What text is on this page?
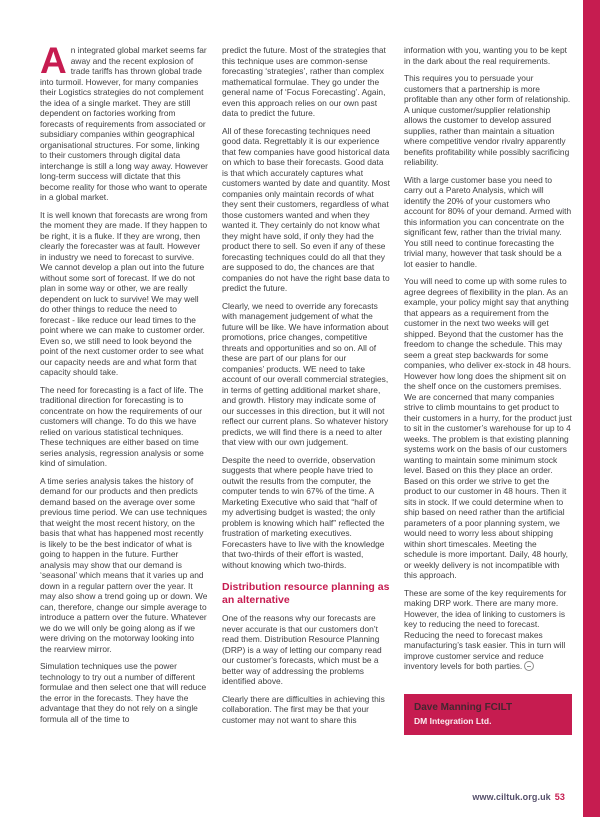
An integrated global market seems far away and the recent explosion of trade tariffs has thrown global trade into turmoil. However, for many companies their Logistics strategies do not complement the idea of a single market. They are still dependent on factories working from forecasts of requirements from associated or subsidiary companies within geographical organisational structures. For some, linking to their customers through digital data interchange is still a long way away. However long-term success will dictate that this become reality for those who want to operate in a global market.

It is well known that forecasts are wrong from the moment they are made. If they happen to be right, it is a fluke. If they are wrong, then clearly the forecaster was at fault. However in industry we need to forecast to survive. We cannot develop a plan out into the future without some sort of forecast. If we do not plan in some way or other, we are really dependent on luck to survive! We may well do other things to reduce the need to forecast - like reduce our lead times to the point where we can make to customer order. Even so, we still need to look beyond the point of the next customer order to see what our capacity needs are and what form that capacity should take.

The need for forecasting is a fact of life. The traditional direction for forecasting is to concentrate on how the requirements of our customers will change. To do this we have relied on various statistical techniques. These techniques are either based on time series analysis, regression analysis or some kind of simulation.

A time series analysis takes the history of demand for our products and then predicts demand based on the average over some previous time period. We can use techniques that weight the most recent history, on the basis that what has happened most recently is likely to be the best indicator of what is going to happen in the future. Further analysis may show that our demand is ‘seasonal’ which means that it varies up and down in a regular pattern over the year. It may also show a trend going up or down. We can, therefore, change our simple average to introduce a pattern over the future. Whatever we do we will only be going along as if we were driving on the motorway looking into the rearview mirror.

Simulation techniques use the power technology to try out a number of different formulae and then select one that will reduce the error in the forecasts. They have the advantage that they do not rely on a single formula all of the time to

predict the future. Most of the strategies that this technique uses are common-sense forecasting ‘strategies’, rather than complex mathematical formulae. They go under the general name of ‘Focus Forecasting’. Again, even this approach relies on our own past data to predict the future.

All of these forecasting techniques need good data. Regrettably it is our experience that few companies have good historical data on which to base their forecasts. Good data is that which accurately captures what customers wanted by date and quantity. Most companies only maintain records of what they sent their customers, regardless of what those customers wanted and when they wanted it. They certainly do not know what they might have sold, if only they had the product there to sell. So even if any of these forecasting techniques could do all that they are supposed to do, the chances are that companies do not have the right base data to predict the future.

Clearly, we need to override any forecasts with management judgement of what the future will be like. We have information about promotions, price changes, competitive threats and opportunities and so on. All of these are part of our plans for our companies’ products. WE need to take account of our overall commercial strategies, in terms of getting additional market share, and growth. History may indicate some of our successes in this direction, but it will not reflect our current plans. So whatever history predicts, we will find there is a need to alter that view with our own judgement.

Despite the need to override, observation suggests that where people have tried to outwit the results from the computer, the computer tends to win 67% of the time. A Marketing Executive who said that “half of my advertising budget is wasted; the only problem is knowing which half” reflected the frustration of marketing executives. Forecasters have to live with the knowledge that two-thirds of their effort is wasted, without knowing which two-thirds.

Distribution resource planning as an alternative

One of the reasons why our forecasts are never accurate is that our customers don’t read them. Distribution Resource Planning (DRP) is a way of letting our company read our customer’s forecasts, which must be a better way of addressing the problems identified above.

Clearly there are difficulties in achieving this collaboration. The first may be that your customer may not want to share this

information with you, wanting you to be kept in the dark about the real requirements.

This requires you to persuade your customers that a partnership is more profitable than any other form of relationship. A unique customer/supplier relationship allows the customer to develop assured supplies, rather than maintain a situation where competitive vendor rivalry apparently benefits profitability while possibly sacrificing reliability.

With a large customer base you need to carry out a Pareto Analysis, which will identify the 20% of your customers who account for 80% of your demand. Armed with this information you can concentrate on the significant few, rather than the trivial many. You still need to continue forecasting the trivial many, however that task should be a lot easier to handle.

You will need to come up with some rules to agree degrees of flexibility in the plan. As an example, your policy might say that anything that appears as a requirement from the customer in the next two weeks will get shipped. Beyond that the customer has the freedom to change the schedule. This may seem a great step backwards for some companies, who deliver ex-stock in 48 hours. However how long does the shipment sit on the shelf once on the customers premises. We are concerned that many companies strive to climb mountains to get product to their customers in a hurry, for the product just to sit in the customer’s warehouse for up to 4 weeks. The problem is that existing planning systems work on the basis of our customers wanting to maintain some minimum stock level. Based on this they place an order. Based on this order we strive to get the product to our customer in 48 hours. Then it sits in stock. If we could determine when to ship based on need rather than the artificial parameters of a poor planning system, we would need to worry less about shipping within short timescales. Meeting the schedule is more important. Daily, 48 hourly, or weekly delivery is not incompatible with this approach.

These are some of the key requirements for making DRP work. There are many more. However, the idea of linking to customers is key to reducing the need to forecast. Reducing the need to forecast makes manufacturing’s task easier. This in turn will improve customer service and reduce inventory levels for both parties.

Dave Manning FCILT
DM Integration Ltd.
www.ciltuk.org.uk 53
